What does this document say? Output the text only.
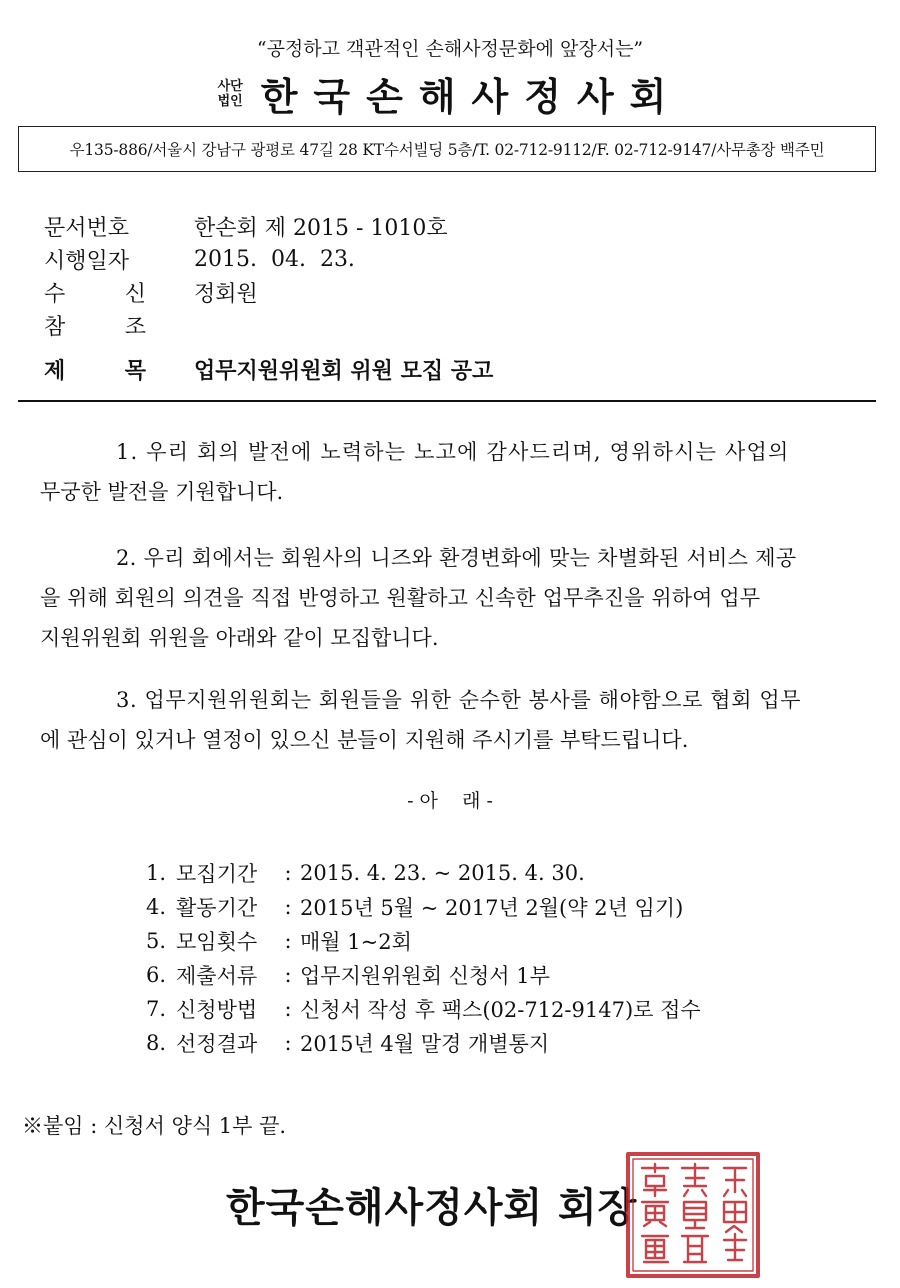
“공정하고 객관적인 손해사정문화에 앞장서는”
사단
법인 한국손해사정사회
우135-886/서울시 강남구 광평로 47길 28 KT수서빌딩 5층/T. 02-712-9112/F. 02-712-9147/사무총장 백주민
문서번호	한손회 제 2015 - 1010호
시행일자	2015.  04.  23.
수	신 정회원
참	조
제	목 업무지원위원회 위원 모집 공고
1. 우리 회의 발전에 노력하는 노고에 감사드리며, 영위하시는 사업의
무궁한 발전을 기원합니다.
2. 우리 회에서는 회원사의 니즈와 환경변화에 맞는 차별화된 서비스 제공
을 위해 회원의 의견을 직접 반영하고 원활하고 신속한 업무추진을 위하여 업무
지원위원회 위원을 아래와 같이 모집합니다.
3. 업무지원위원회는 회원들을 위한 순수한 봉사를 해야함으로 협회 업무
에 관심이 있거나 열정이 있으신 분들이 지원해 주시기를 부탁드립니다.
- 아    래 -
1. 모집기간	: 2015. 4. 23. ~ 2015. 4. 30.
4. 활동기간	: 2015년 5월 ~ 2017년 2월(약 2년 임기)
5. 모임횟수	: 매월 1~2회
6. 제출서류	: 업무지원위원회 신청서 1부
7. 신청방법	: 신청서 작성 후 팩스(02-712-9147)로 접수
8. 선정결과	: 2015년 4월 말경 개별통지
※붙임 : 신청서 양식 1부 끝.
한국손해사정사회 회장
